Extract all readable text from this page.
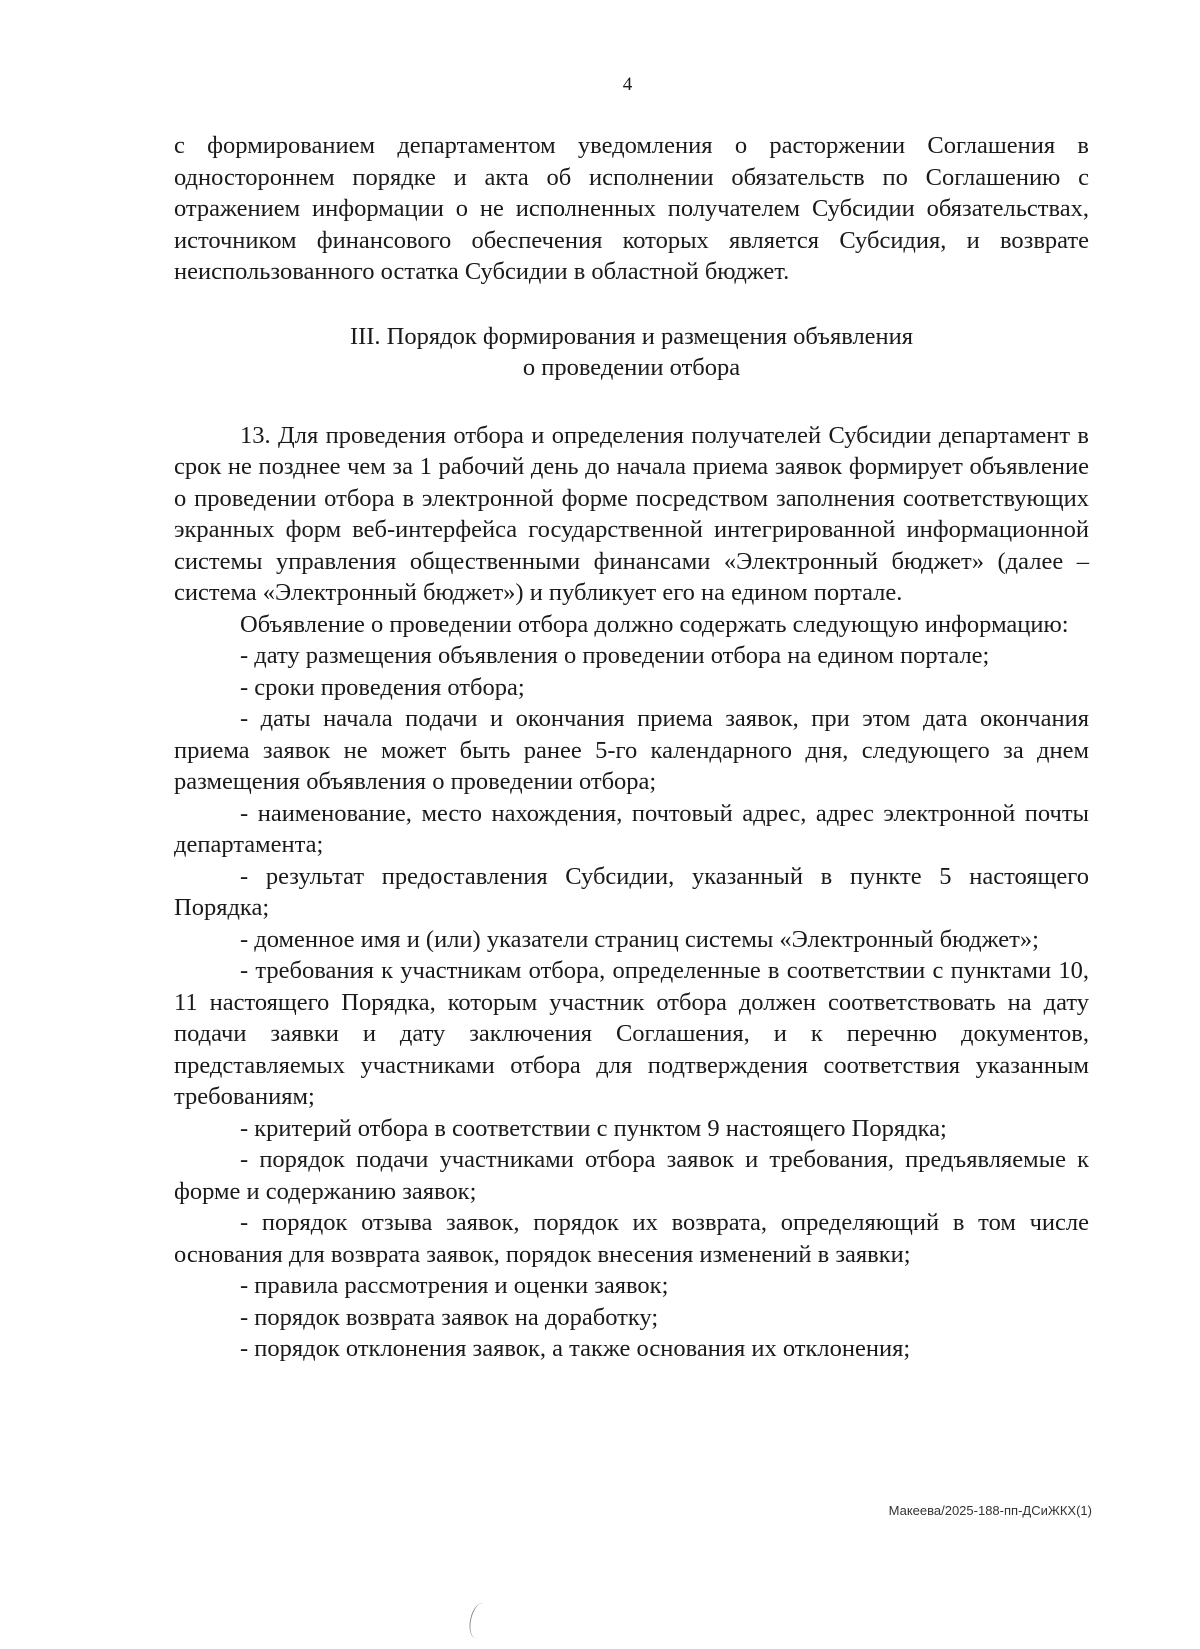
4

с формированием департаментом уведомления о расторжении Соглашения в одностороннем порядке и акта об исполнении обязательств по Соглашению с отражением информации о не исполненных получателем Субсидии обязательствах, источником финансового обеспечения которых является Субсидия, и возврате неиспользованного остатка Субсидии в областной бюджет.

III. Порядок формирования и размещения объявления
о проведении отбора

13. Для проведения отбора и определения получателей Субсидии департамент в срок не позднее чем за 1 рабочий день до начала приема заявок формирует объявление о проведении отбора в электронной форме посредством заполнения соответствующих экранных форм веб-интерфейса государственной интегрированной информационной системы управления общественными финансами «Электронный бюджет» (далее – система «Электронный бюджет») и публикует его на едином портале.

Объявление о проведении отбора должно содержать следующую информацию:

- дату размещения объявления о проведении отбора на едином портале;

- сроки проведения отбора;

- даты начала подачи и окончания приема заявок, при этом дата окончания приема заявок не может быть ранее 5-го календарного дня, следующего за днем размещения объявления о проведении отбора;

- наименование, место нахождения, почтовый адрес, адрес электронной почты департамента;

- результат предоставления Субсидии, указанный в пункте 5 настоящего Порядка;

- доменное имя и (или) указатели страниц системы «Электронный бюджет»;

- требования к участникам отбора, определенные в соответствии с пунктами 10, 11 настоящего Порядка, которым участник отбора должен соответствовать на дату подачи заявки и дату заключения Соглашения, и к перечню документов, представляемых участниками отбора для подтверждения соответствия указанным требованиям;

- критерий отбора в соответствии с пунктом 9 настоящего Порядка;

- порядок подачи участниками отбора заявок и требования, предъявляемые к форме и содержанию заявок;

- порядок отзыва заявок, порядок их возврата, определяющий в том числе основания для возврата заявок, порядок внесения изменений в заявки;

- правила рассмотрения и оценки заявок;

- порядок возврата заявок на доработку;

- порядок отклонения заявок, а также основания их отклонения;

Макеева/2025-188-пп-ДСиЖКХ(1)
